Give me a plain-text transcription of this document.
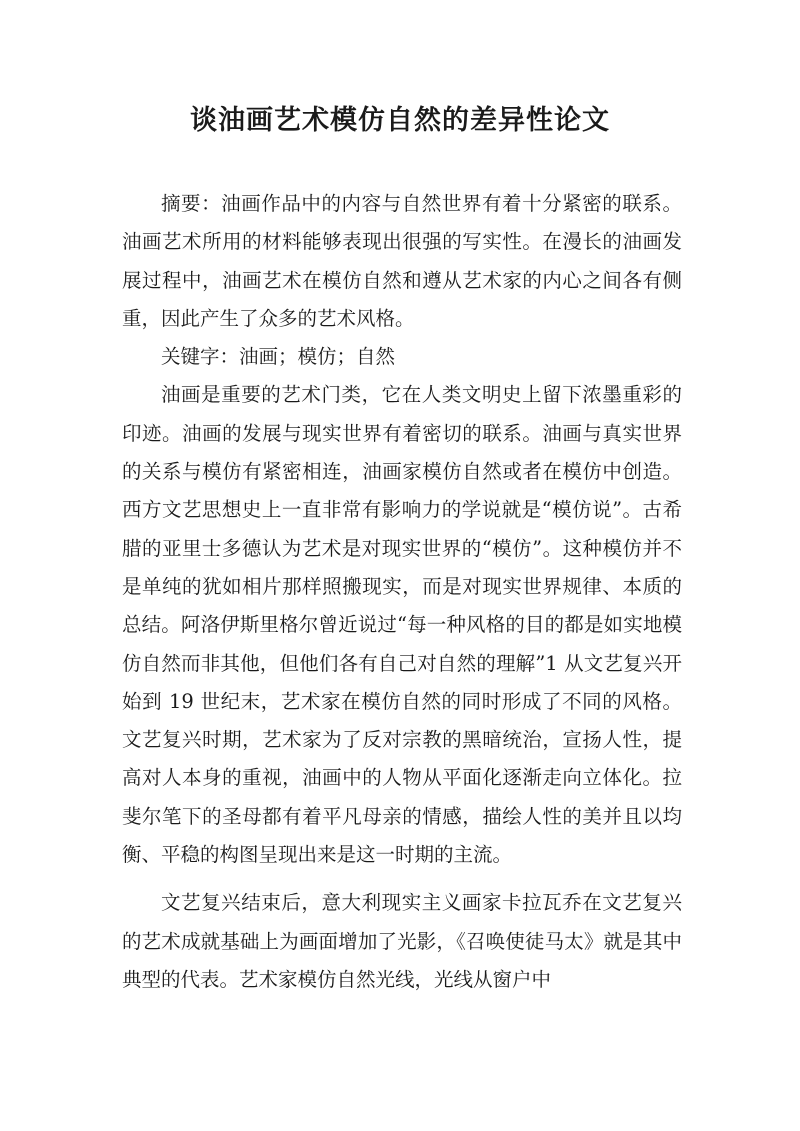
谈油画艺术模仿自然的差异性论文

摘要：油画作品中的内容与自然世界有着十分紧密的联系。油画艺术所用的材料能够表现出很强的写实性。在漫长的油画发展过程中，油画艺术在模仿自然和遵从艺术家的内心之间各有侧重，因此产生了众多的艺术风格。

关键字：油画；模仿；自然

油画是重要的艺术门类，它在人类文明史上留下浓墨重彩的印迹。油画的发展与现实世界有着密切的联系。油画与真实世界的关系与模仿有紧密相连，油画家模仿自然或者在模仿中创造。西方文艺思想史上一直非常有影响力的学说就是“模仿说”。古希腊的亚里士多德认为艺术是对现实世界的“模仿”。这种模仿并不是单纯的犹如相片那样照搬现实，而是对现实世界规律、本质的总结。阿洛伊斯里格尔曾近说过“每一种风格的目的都是如实地模仿自然而非其他，但他们各有自己对自然的理解”1 从文艺复兴开始到 19 世纪末，艺术家在模仿自然的同时形成了不同的风格。文艺复兴时期，艺术家为了反对宗教的黑暗统治，宣扬人性，提高对人本身的重视，油画中的人物从平面化逐渐走向立体化。拉斐尔笔下的圣母都有着平凡母亲的情感，描绘人性的美并且以均衡、平稳的构图呈现出来是这一时期的主流。

文艺复兴结束后，意大利现实主义画家卡拉瓦乔在文艺复兴的艺术成就基础上为画面增加了光影，《召唤使徒马太》就是其中典型的代表。艺术家模仿自然光线，光线从窗户中
